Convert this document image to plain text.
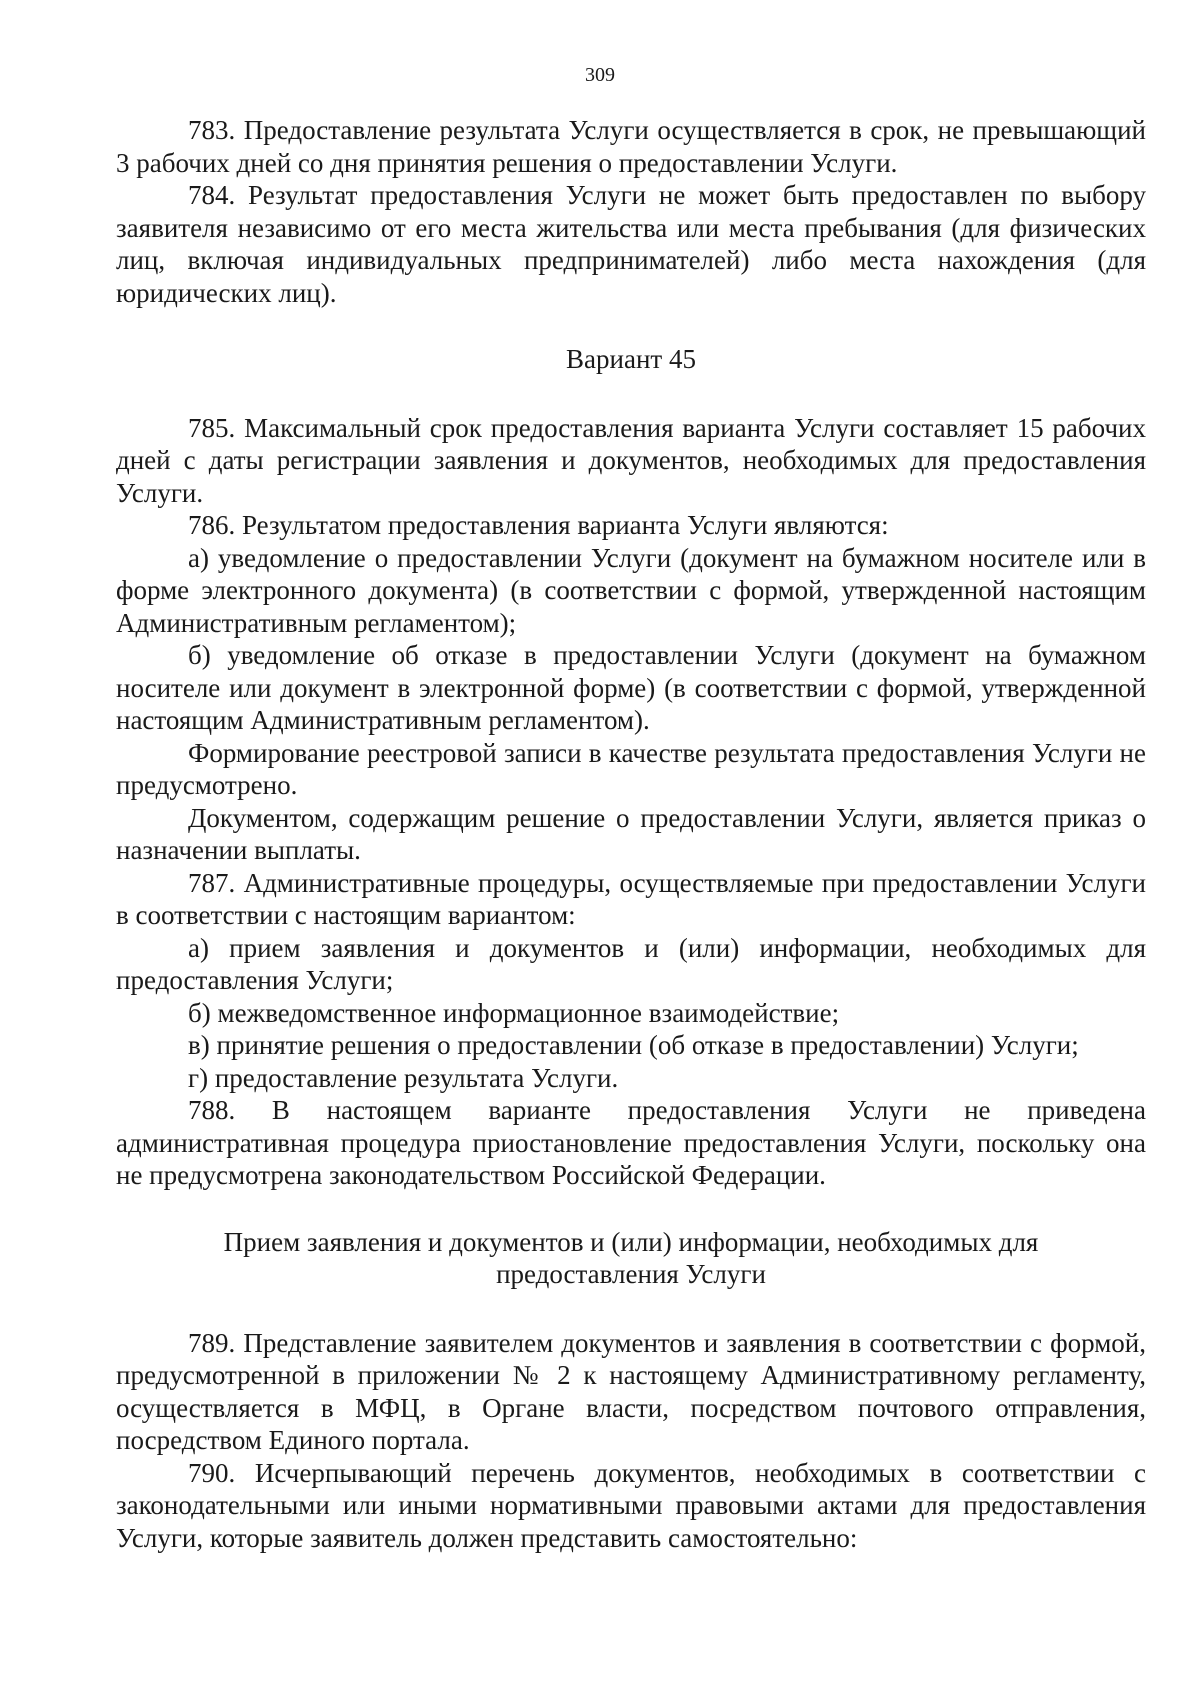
309

783. Предоставление результата Услуги осуществляется в срок, не превышающий 3 рабочих дней со дня принятия решения о предоставлении Услуги.

784. Результат предоставления Услуги не может быть предоставлен по выбору заявителя независимо от его места жительства или места пребывания (для физических лиц, включая индивидуальных предпринимателей) либо места нахождения (для юридических лиц).

Вариант 45

785. Максимальный срок предоставления варианта Услуги составляет 15 рабочих дней с даты регистрации заявления и документов, необходимых для предоставления Услуги.

786. Результатом предоставления варианта Услуги являются:

а) уведомление о предоставлении Услуги (документ на бумажном носителе или в форме электронного документа) (в соответствии с формой, утвержденной настоящим Административным регламентом);

б) уведомление об отказе в предоставлении Услуги (документ на бумажном носителе или документ в электронной форме) (в соответствии с формой, утвержденной настоящим Административным регламентом).

Формирование реестровой записи в качестве результата предоставления Услуги не предусмотрено.

Документом, содержащим решение о предоставлении Услуги, является приказ о назначении выплаты.

787. Административные процедуры, осуществляемые при предоставлении Услуги в соответствии с настоящим вариантом:

а) прием заявления и документов и (или) информации, необходимых для предоставления Услуги;

б) межведомственное информационное взаимодействие;

в) принятие решения о предоставлении (об отказе в предоставлении) Услуги;

г) предоставление результата Услуги.

788. В настоящем варианте предоставления Услуги не приведена административная процедура приостановление предоставления Услуги, поскольку она не предусмотрена законодательством Российской Федерации.

Прием заявления и документов и (или) информации, необходимых для предоставления Услуги

789. Представление заявителем документов и заявления в соответствии с формой, предусмотренной в приложении № 2 к настоящему Административному регламенту, осуществляется в МФЦ, в Органе власти, посредством почтового отправления, посредством Единого портала.

790. Исчерпывающий перечень документов, необходимых в соответствии с законодательными или иными нормативными правовыми актами для предоставления Услуги, которые заявитель должен представить самостоятельно:
